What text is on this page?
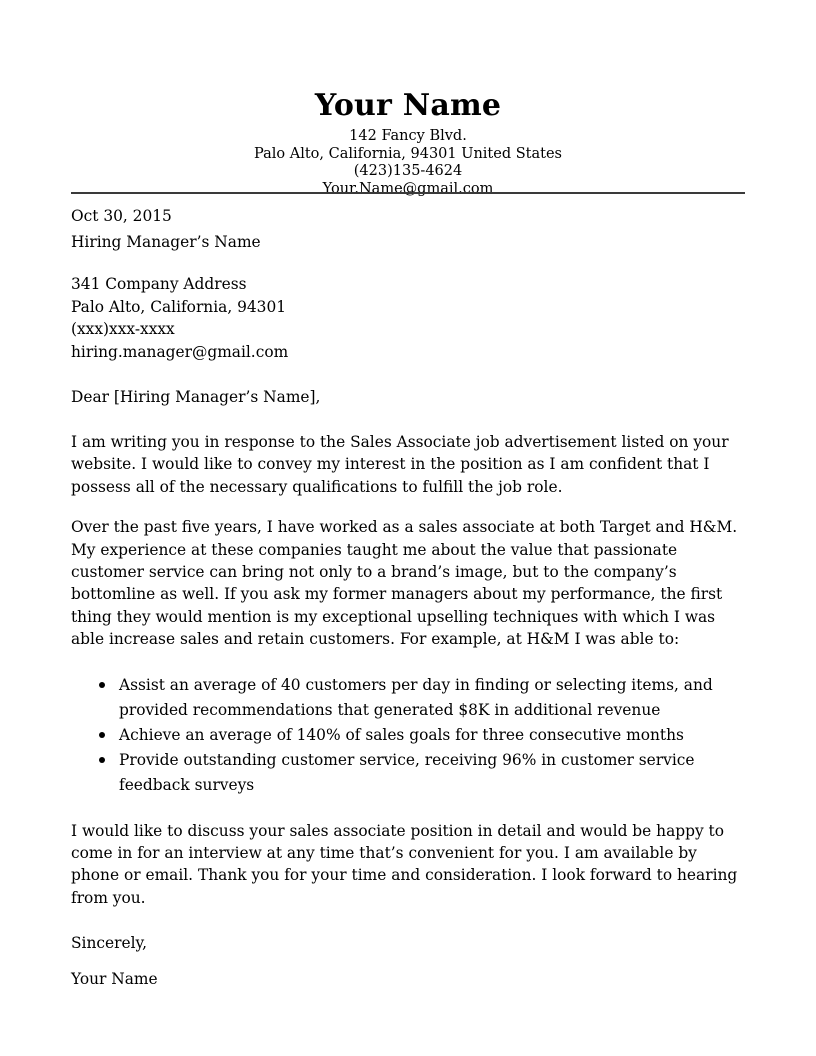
Your Name

142 Fancy Blvd.

Palo Alto, California, 94301 United States

(423)135-4624

Your.Name@gmail.com

Oct 30, 2015

Hiring Manager’s Name

341 Company Address

Palo Alto, California, 94301

(xxx)xxx-xxxx

hiring.manager@gmail.com

Dear [Hiring Manager’s Name],

I am writing you in response to the Sales Associate job advertisement listed on your website. I would like to convey my interest in the position as I am confident that I possess all of the necessary qualifications to fulfill the job role.

Over the past five years, I have worked as a sales associate at both Target and H&M. My experience at these companies taught me about the value that passionate customer service can bring not only to a brand’s image, but to the company’s bottomline as well. If you ask my former managers about my performance, the first thing they would mention is my exceptional upselling techniques with which I was able increase sales and retain customers. For example, at H&M I was able to:

Assist an average of 40 customers per day in finding or selecting items, and provided recommendations that generated $8K in additional revenue
Achieve an average of 140% of sales goals for three consecutive months
Provide outstanding customer service, receiving 96% in customer service feedback surveys

I would like to discuss your sales associate position in detail and would be happy to come in for an interview at any time that’s convenient for you. I am available by phone or email. Thank you for your time and consideration. I look forward to hearing from you.

Sincerely,

Your Name
